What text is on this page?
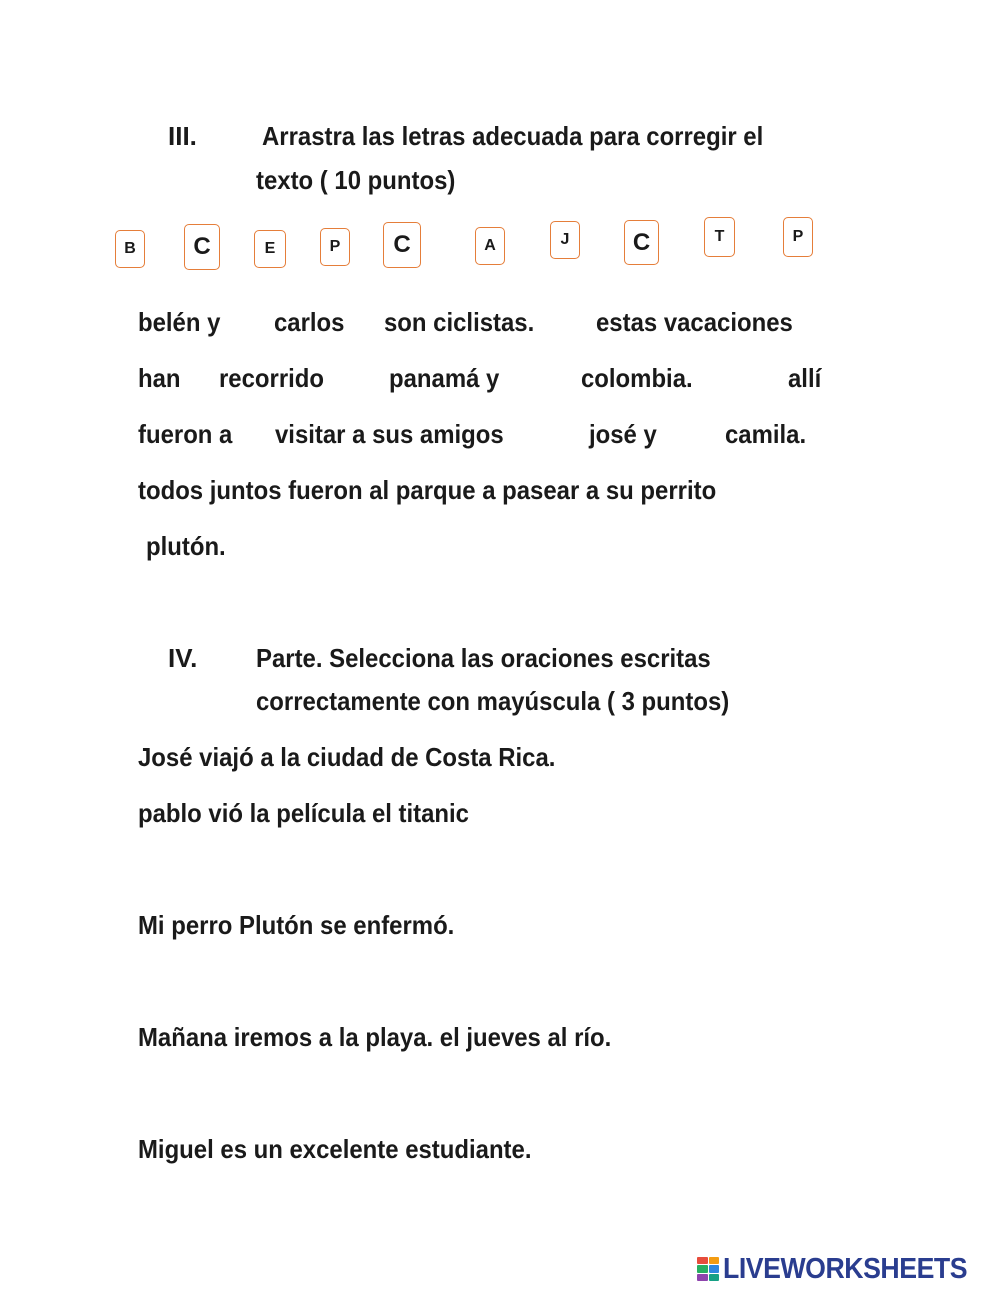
III.	Arrastra las letras adecuada para corregir el
texto ( 10 puntos)
B	C	E	P	C	A	J	C	T	P
belén y carlos son ciclistas. estas vacaciones
han recorrido panamá y	colombia.	allí
fueron a visitar a sus amigos	josé y	camila.
todos juntos fueron al parque a pasear a su perrito
plutón.
IV. Parte. Selecciona las oraciones escritas
correctamente con mayúscula ( 3 puntos)
José viajó a la ciudad de Costa Rica.
pablo vió la película el titanic
Mi perro Plutón se enfermó.
Mañana iremos a la playa. el jueves al río.
Miguel es un excelente estudiante.
LIVEWORKSHEETS
